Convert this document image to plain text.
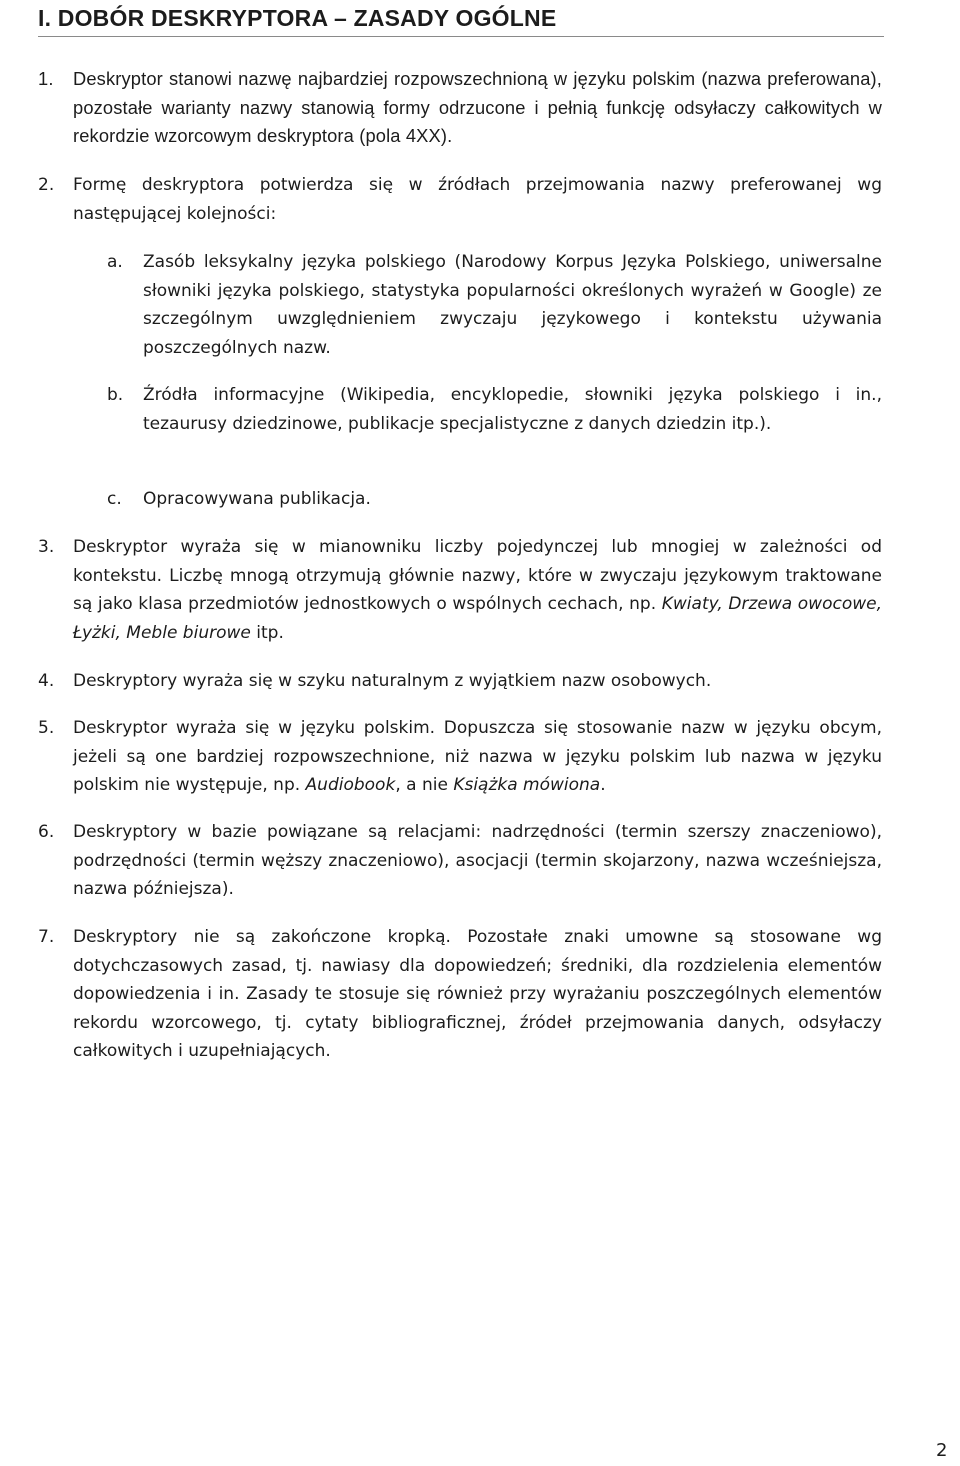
I. DOBÓR DESKRYPTORA – ZASADY OGÓLNE
1. Deskryptor stanowi nazwę najbardziej rozpowszechnioną w języku polskim (nazwa preferowana), pozostałe warianty nazwy stanowią formy odrzucone i pełnią funkcję odsyłaczy całkowitych w rekordzie wzorcowym deskryptora (pola 4XX).
2. Formę deskryptora potwierdza się w źródłach przejmowania nazwy preferowanej wg następującej kolejności:
a. Zasób leksykalny języka polskiego (Narodowy Korpus Języka Polskiego, uniwersalne słowniki języka polskiego, statystyka popularności określonych wyrażeń w Google) ze szczególnym uwzględnieniem zwyczaju językowego i kontekstu używania poszczególnych nazw.
b. Źródła informacyjne (Wikipedia, encyklopedie, słowniki języka polskiego i in., tezaurusy dziedzinowe, publikacje specjalistyczne z danych dziedzin itp.).
c. Opracowywana publikacja.
3. Deskryptor wyraża się w mianowniku liczby pojedynczej lub mnogiej w zależności od kontekstu. Liczbę mnogą otrzymują głównie nazwy, które w zwyczaju językowym traktowane są jako klasa przedmiotów jednostkowych o wspólnych cechach, np. Kwiaty, Drzewa owocowe, Łyżki, Meble biurowe itp.
4. Deskryptory wyraża się w szyku naturalnym z wyjątkiem nazw osobowych.
5. Deskryptor wyraża się w języku polskim. Dopuszcza się stosowanie nazw w języku obcym, jeżeli są one bardziej rozpowszechnione, niż nazwa w języku polskim lub nazwa w języku polskim nie występuje, np. Audiobook, a nie Książka mówiona.
6. Deskryptory w bazie powiązane są relacjami: nadrzędności (termin szerszy znaczeniowo), podrzędności (termin węższy znaczeniowo), asocjacji (termin skojarzony, nazwa wcześniejsza, nazwa późniejsza).
7. Deskryptory nie są zakończone kropką. Pozostałe znaki umowne są stosowane wg dotychczasowych zasad, tj. nawiasy dla dopowiedzeń; średniki, dla rozdzielenia elementów dopowiedzenia i in. Zasady te stosuje się również przy wyrażaniu poszczególnych elementów rekordu wzorcowego, tj. cytaty bibliograficznej, źródeł przejmowania danych, odsyłaczy całkowitych i uzupełniających.
2
